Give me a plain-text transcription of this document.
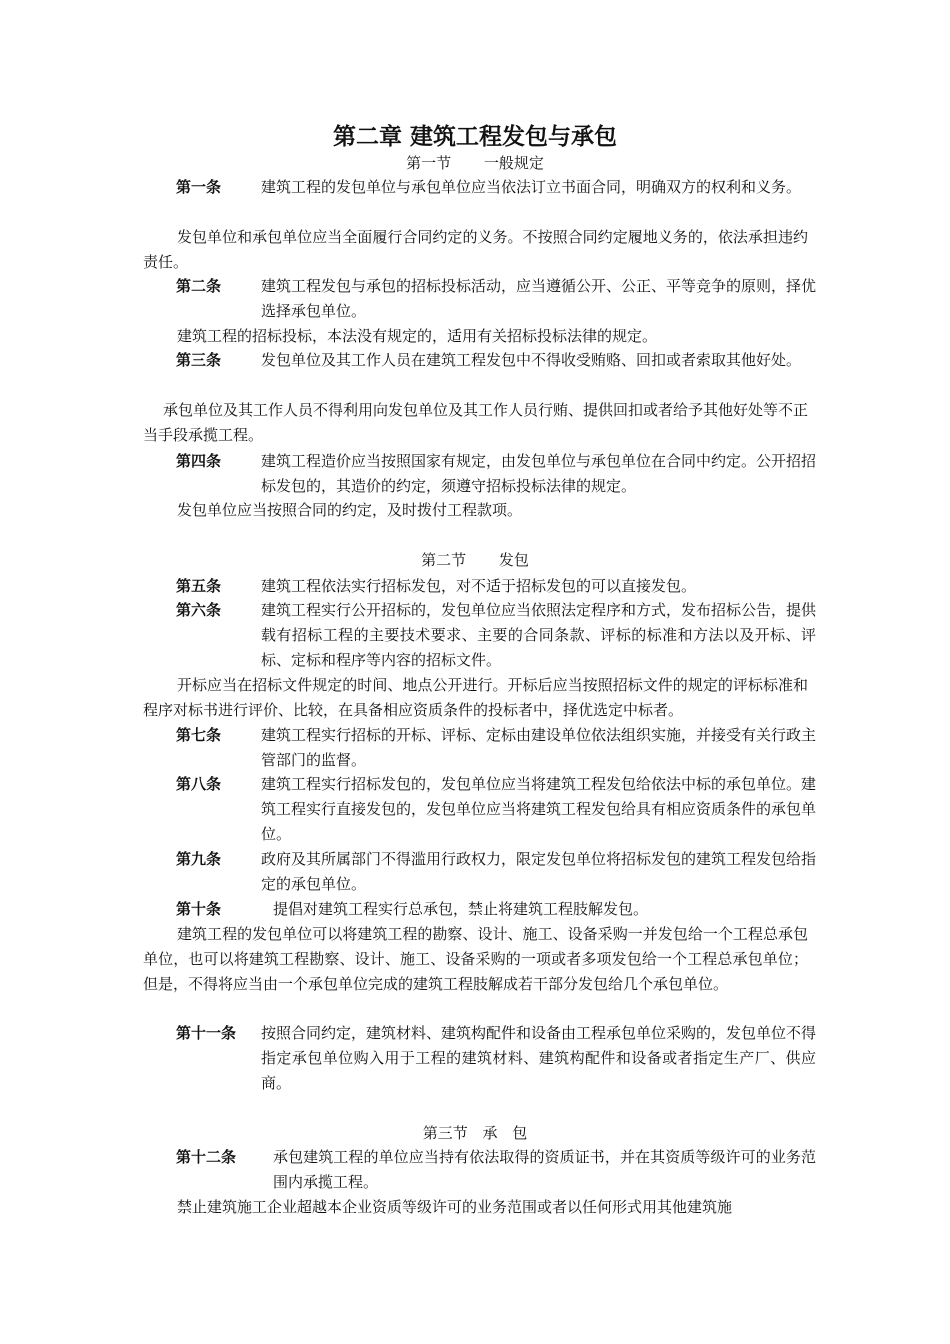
第二章 建筑工程发包与承包
第一节 一般规定
第一条	建筑工程的发包单位与承包单位应当依法订立书面合同，明确双方的权利和义务。
发包单位和承包单位应当全面履行合同约定的义务。不按照合同约定履地义务的，依法承担违约责任。
第二条	建筑工程发包与承包的招标投标活动，应当遵循公开、公正、平等竞争的原则，择优选择承包单位。
建筑工程的招标投标，本法没有规定的，适用有关招标投标法律的规定。
第三条	发包单位及其工作人员在建筑工程发包中不得收受贿赂、回扣或者索取其他好处。
承包单位及其工作人员不得利用向发包单位及其工作人员行贿、提供回扣或者给予其他好处等不正当手段承揽工程。
第四条	建筑工程造价应当按照国家有规定，由发包单位与承包单位在合同中约定。公开招招标发包的，其造价的约定，须遵守招标投标法律的规定。
发包单位应当按照合同的约定，及时拨付工程款项。
第二节 发包
第五条	建筑工程依法实行招标发包，对不适于招标发包的可以直接发包。
第六条	建筑工程实行公开招标的，发包单位应当依照法定程序和方式，发布招标公告，提供载有招标工程的主要技术要求、主要的合同条款、评标的标准和方法以及开标、评标、定标和程序等内容的招标文件。
开标应当在招标文件规定的时间、地点公开进行。开标后应当按照招标文件的规定的评标标准和程序对标书进行评价、比较，在具备相应资质条件的投标者中，择优选定中标者。
第七条	建筑工程实行招标的开标、评标、定标由建设单位依法组织实施，并接受有关行政主管部门的监督。
第八条	建筑工程实行招标发包的，发包单位应当将建筑工程发包给依法中标的承包单位。建筑工程实行直接发包的，发包单位应当将建筑工程发包给具有相应资质条件的承包单位。
第九条	政府及其所属部门不得滥用行政权力，限定发包单位将招标发包的建筑工程发包给指定的承包单位。
第十条	提倡对建筑工程实行总承包，禁止将建筑工程肢解发包。
建筑工程的发包单位可以将建筑工程的勘察、设计、施工、设备采购一并发包给一个工程总承包单位，也可以将建筑工程勘察、设计、施工、设备采购的一项或者多项发包给一个工程总承包单位；但是，不得将应当由一个承包单位完成的建筑工程肢解成若干部分发包给几个承包单位。
第十一条 按照合同约定，建筑材料、建筑构配件和设备由工程承包单位采购的，发包单位不得指定承包单位购入用于工程的建筑材料、建筑构配件和设备或者指定生产厂、供应商。
第三节 承 包
第十二条 承包建筑工程的单位应当持有依法取得的资质证书，并在其资质等级许可的业务范围内承揽工程。
禁止建筑施工企业超越本企业资质等级许可的业务范围或者以任何形式用其他建筑施
